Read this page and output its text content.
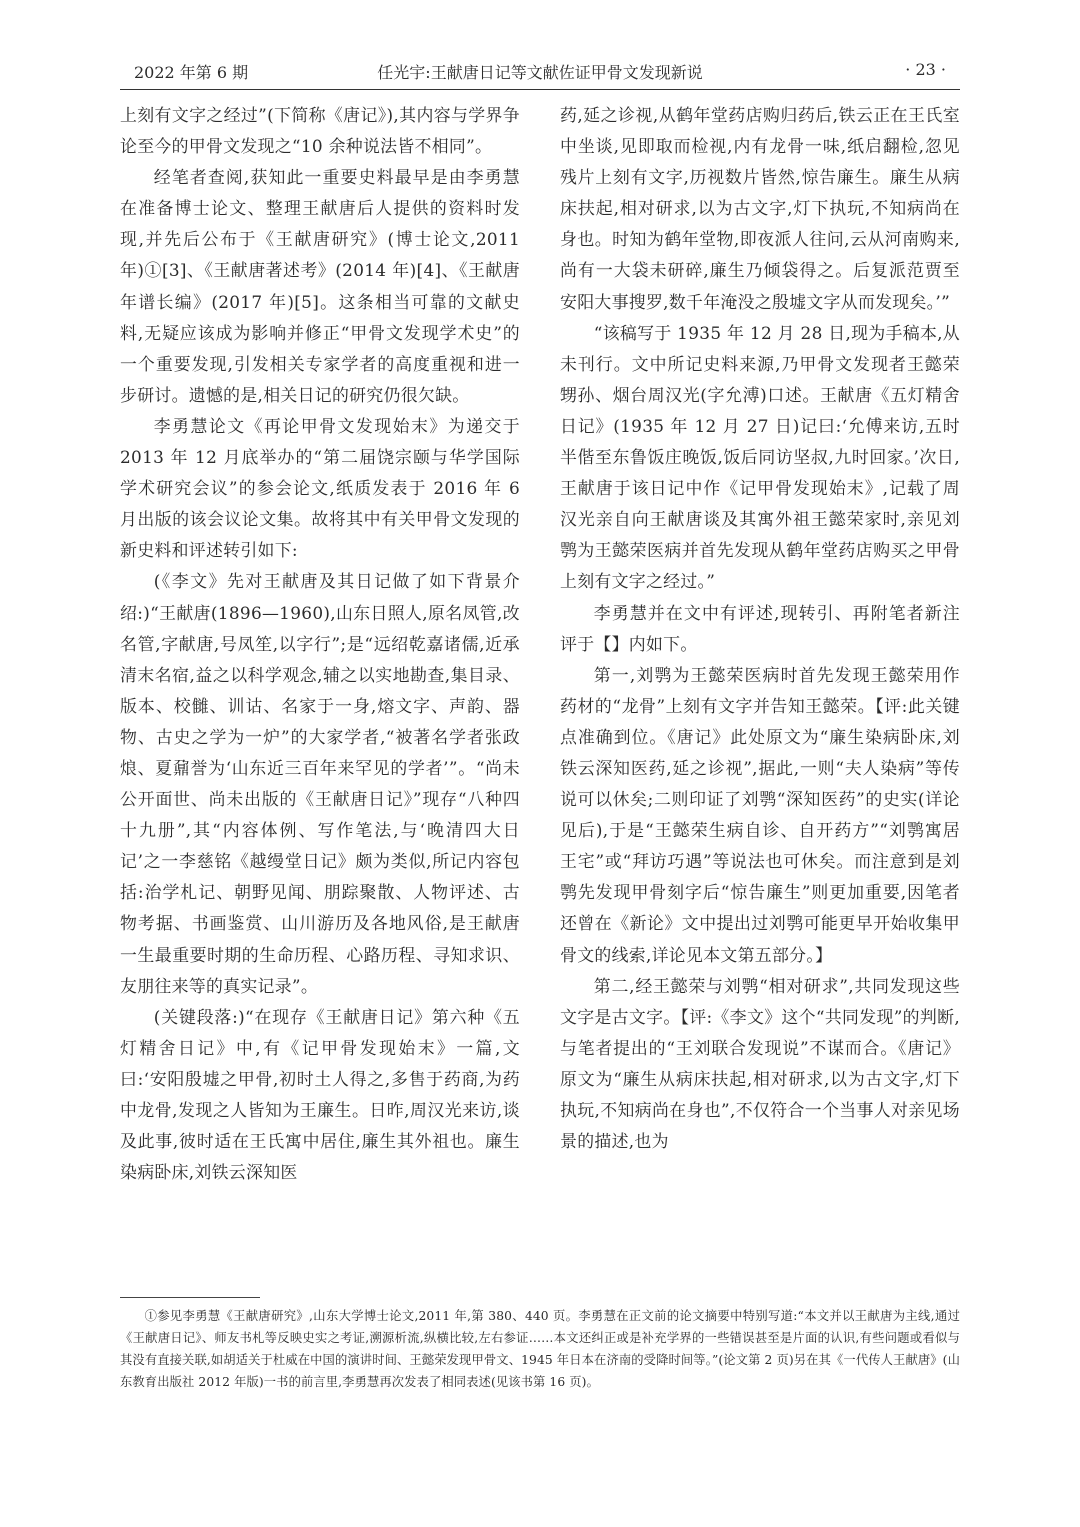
2022 年第 6 期	任光宇:王献唐日记等文献佐证甲骨文发现新说	· 23 ·

上刻有文字之经过”(下简称《唐记》),其内容与学界争论至今的甲骨文发现之“10 余种说法皆不相同”。

经笔者查阅,获知此一重要史料最早是由李勇慧在准备博士论文、整理王献唐后人提供的资料时发现,并先后公布于《王献唐研究》(博士论文,2011 年)①[3]、《王献唐著述考》(2014 年)[4]、《王献唐年谱长编》(2017 年)[5]。这条相当可靠的文献史料,无疑应该成为影响并修正“甲骨文发现学术史”的一个重要发现,引发相关专家学者的高度重视和进一步研讨。遗憾的是,相关日记的研究仍很欠缺。

李勇慧论文《再论甲骨文发现始末》为递交于 2013 年 12 月底举办的“第二届饶宗颐与华学国际学术研究会议”的参会论文,纸质发表于 2016 年 6 月出版的该会议论文集。故将其中有关甲骨文发现的新史料和评述转引如下:

(《李文》先对王献唐及其日记做了如下背景介绍:)“王献唐(1896—1960),山东日照人,原名凤管,改名管,字献唐,号凤笙,以字行”;是“远绍乾嘉诸儒,近承清末名宿,益之以科学观念,辅之以实地勘查,集目录、版本、校雠、训诂、名家于一身,熔文字、声韵、器物、古史之学为一炉”的大家学者,“被著名学者张政烺、夏鼐誉为‘山东近三百年来罕见的学者’”。“尚未公开面世、尚未出版的《王献唐日记》”现存“八种四十九册”,其“内容体例、写作笔法,与‘晚清四大日记’之一李慈铭《越缦堂日记》颇为类似,所记内容包括:治学札记、朝野见闻、朋踪聚散、人物评述、古物考据、书画鉴赏、山川游历及各地风俗,是王献唐一生最重要时期的生命历程、心路历程、寻知求识、友朋往来等的真实记录”。

(关键段落:)“在现存《王献唐日记》第六种《五灯精舍日记》中,有《记甲骨发现始末》一篇,文曰:‘安阳殷墟之甲骨,初时土人得之,多售于药商,为药中龙骨,发现之人皆知为王廉生。日昨,周汉光来访,谈及此事,彼时适在王氏寓中居住,廉生其外祖也。廉生染病卧床,刘铁云深知医

药,延之诊视,从鹤年堂药店购归药后,铁云正在王氏室中坐谈,见即取而检视,内有龙骨一味,纸启翻检,忽见残片上刻有文字,历视数片皆然,惊告廉生。廉生从病床扶起,相对研求,以为古文字,灯下执玩,不知病尚在身也。时知为鹤年堂物,即夜派人往问,云从河南购来,尚有一大袋未研碎,廉生乃倾袋得之。后复派范贾至安阳大事搜罗,数千年淹没之殷墟文字从而发现矣。’”

“该稿写于 1935 年 12 月 28 日,现为手稿本,从未刊行。文中所记史料来源,乃甲骨文发现者王懿荣甥孙、烟台周汉光(字允溥)口述。王献唐《五灯精舍日记》(1935 年 12 月 27 日)记曰:‘允傅来访,五时半偕至东鲁饭庄晚饭,饭后同访坚叔,九时回家。’次日,王献唐于该日记中作《记甲骨发现始末》,记载了周汉光亲自向王献唐谈及其寓外祖王懿荣家时,亲见刘鹗为王懿荣医病并首先发现从鹤年堂药店购买之甲骨上刻有文字之经过。”

李勇慧并在文中有评述,现转引、再附笔者新注评于【】内如下。

第一,刘鹗为王懿荣医病时首先发现王懿荣用作药材的“龙骨”上刻有文字并告知王懿荣。【评:此关键点准确到位。《唐记》此处原文为“廉生染病卧床,刘铁云深知医药,延之诊视”,据此,一则“夫人染病”等传说可以休矣;二则印证了刘鹗“深知医药”的史实(详论见后),于是“王懿荣生病自诊、自开药方”“刘鹗寓居王宅”或“拜访巧遇”等说法也可休矣。而注意到是刘鹗先发现甲骨刻字后“惊告廉生”则更加重要,因笔者还曾在《新论》文中提出过刘鹗可能更早开始收集甲骨文的线索,详论见本文第五部分。】

第二,经王懿荣与刘鹗“相对研求”,共同发现这些文字是古文字。【评:《李文》这个“共同发现”的判断,与笔者提出的“王刘联合发现说”不谋而合。《唐记》原文为“廉生从病床扶起,相对研求,以为古文字,灯下执玩,不知病尚在身也”,不仅符合一个当事人对亲见场景的描述,也为

①参见李勇慧《王献唐研究》,山东大学博士论文,2011 年,第 380、440 页。李勇慧在正文前的论文摘要中特别写道:“本文并以王献唐为主线,通过《王献唐日记》、师友书札等反映史实之考证,溯源析流,纵横比较,左右参证……本文还纠正或是补充学界的一些错误甚至是片面的认识,有些问题或看似与其没有直接关联,如胡适关于杜威在中国的演讲时间、王懿荣发现甲骨文、1945 年日本在济南的受降时间等。”(论文第 2 页)另在其《一代传人王献唐》(山东教育出版社 2012 年版)一书的前言里,李勇慧再次发表了相同表述(见该书第 16 页)。
